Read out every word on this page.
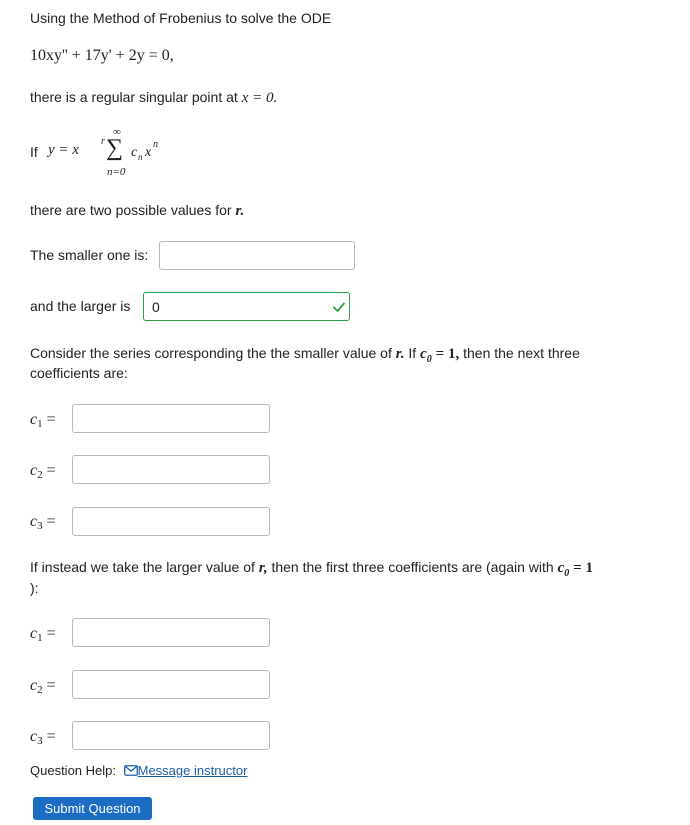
Using the Method of Frobenius to solve the ODE
10xy'' + 17y' + 2y = 0,
there is a regular singular point at x = 0.
If y = x
r
∞
∑
n=0
c n x
n
there are two possible values for r.
The smaller one is:
and the larger is
0
Consider the series corresponding the the smaller value of r. If $c_0 = 1$, then the next three
coefficients are:
$c_1$ =
$c_2$ =
$c_3$ =
If instead we take the larger value of r, then the first three coefficients are (again with $c_0 = 1$
):
$c_1$ =
$c_2$ =
$c_3$ =
Question Help: Message instructor
Submit Question
